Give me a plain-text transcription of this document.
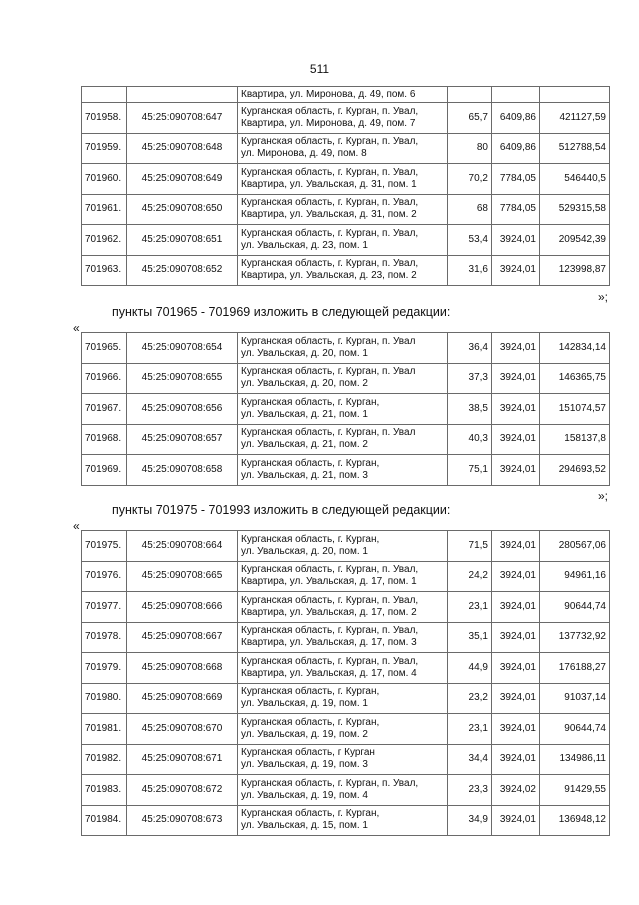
511

		Квартира, ул. Миронова, д. 49, пом. 6			

701958.	45:25:090708:647	Курганская область, г. Курган, п. Увал,
Квартира, ул. Миронова, д. 49, пом. 7	65,7	6409,86	421127,59
701959.	45:25:090708:648	Курганская область, г. Курган, п. Увал,
ул. Миронова, д. 49, пом. 8	80	6409,86	512788,54
701960.	45:25:090708:649	Курганская область, г. Курган, п. Увал,
Квартира, ул. Увальская, д. 31, пом. 1	70,2	7784,05	546440,5
701961.	45:25:090708:650	Курганская область, г. Курган, п. Увал,
Квартира, ул. Увальская, д. 31, пом. 2	68	7784,05	529315,58
701962.	45:25:090708:651	Курганская область, г. Курган, п. Увал,
ул. Увальская, д. 23, пом. 1	53,4	3924,01	209542,39
701963.	45:25:090708:652	Курганская область, г. Курган, п. Увал,
Квартира, ул. Увальская, д. 23, пом. 2	31,6	3924,01	123998,87
»;
пункты 701965 - 701969 изложить в следующей редакции:
«
701965.	45:25:090708:654	Курганская область, г. Курган, п. Увал
ул. Увальская, д. 20, пом. 1	36,4	3924,01	142834,14
701966.	45:25:090708:655	Курганская область, г. Курган, п. Увал
ул. Увальская, д. 20, пом. 2	37,3	3924,01	146365,75
701967.	45:25:090708:656	Курганская область, г. Курган,
ул. Увальская, д. 21, пом. 1	38,5	3924,01	151074,57
701968.	45:25:090708:657	Курганская область, г. Курган, п. Увал
ул. Увальская, д. 21, пом. 2	40,3	3924,01	158137,8
701969.	45:25:090708:658	Курганская область, г. Курган,
ул. Увальская, д. 21, пом. 3	75,1	3924,01	294693,52
»;
пункты 701975 - 701993 изложить в следующей редакции:
«
701975.	45:25:090708:664	Курганская область, г. Курган,
ул. Увальская, д. 20, пом. 1	71,5	3924,01	280567,06
701976.	45:25:090708:665	Курганская область, г. Курган, п. Увал,
Квартира, ул. Увальская, д. 17, пом. 1	24,2	3924,01	94961,16
701977.	45:25:090708:666	Курганская область, г. Курган, п. Увал,
Квартира, ул. Увальская, д. 17, пом. 2	23,1	3924,01	90644,74
701978.	45:25:090708:667	Курганская область, г. Курган, п. Увал,
Квартира, ул. Увальская, д. 17, пом. 3	35,1	3924,01	137732,92
701979.	45:25:090708:668	Курганская область, г. Курган, п. Увал,
Квартира, ул. Увальская, д. 17, пом. 4	44,9	3924,01	176188,27
701980.	45:25:090708:669	Курганская область, г. Курган,
ул. Увальская, д. 19, пом. 1	23,2	3924,01	91037,14
701981.	45:25:090708:670	Курганская область, г. Курган,
ул. Увальская, д. 19, пом. 2	23,1	3924,01	90644,74
701982.	45:25:090708:671	Курганская область, г Курган
ул. Увальская, д. 19, пом. 3	34,4	3924,01	134986,11
701983.	45:25:090708:672	Курганская область, г. Курган, п. Увал,
ул. Увальская, д. 19, пом. 4	23,3	3924,02	91429,55
701984.	45:25:090708:673	Курганская область, г. Курган,
ул. Увальская, д. 15, пом. 1	34,9	3924,01	136948,12
